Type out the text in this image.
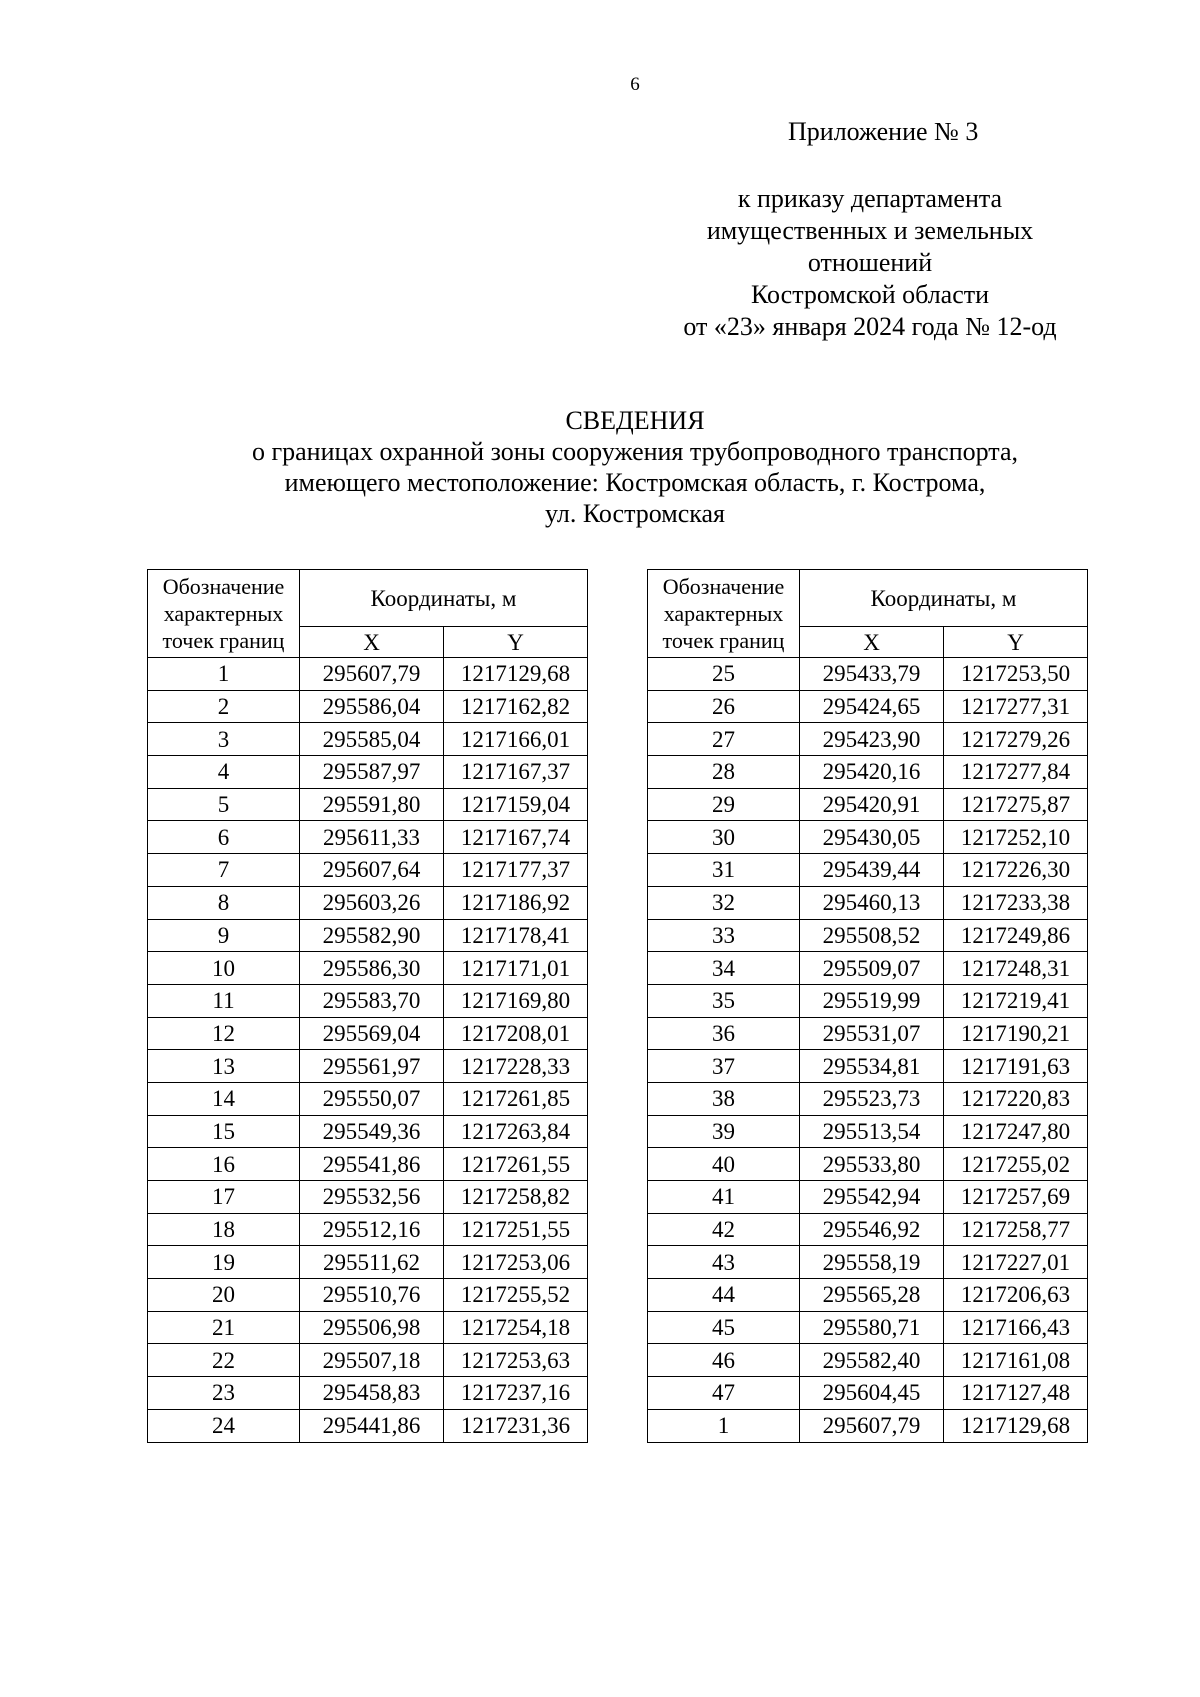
6
Приложение № 3
к приказу департамента
имущественных и земельных
отношений
Костромской области
от «23» января 2024 года № 12-од
СВЕДЕНИЯ
о границах охранной зоны сооружения трубопроводного транспорта,
имеющего местоположение: Костромская область, г. Кострома,
ул. Костромская
Обозначение
характерных
точек границ	Координаты, м	
	X	Y
1	295607,79	1217129,68
2	295586,04	1217162,82
3	295585,04	1217166,01
4	295587,97	1217167,37
5	295591,80	1217159,04
6	295611,33	1217167,74
7	295607,64	1217177,37
8	295603,26	1217186,92
9	295582,90	1217178,41
10	295586,30	1217171,01
11	295583,70	1217169,80
12	295569,04	1217208,01
13	295561,97	1217228,33
14	295550,07	1217261,85
15	295549,36	1217263,84
16	295541,86	1217261,55
17	295532,56	1217258,82
18	295512,16	1217251,55
19	295511,62	1217253,06
20	295510,76	1217255,52
21	295506,98	1217254,18
22	295507,18	1217253,63
23	295458,83	1217237,16
24	295441,86	1217231,36
Обозначение
характерных
точек границ	Координаты, м	
	X	Y
25	295433,79	1217253,50
26	295424,65	1217277,31
27	295423,90	1217279,26
28	295420,16	1217277,84
29	295420,91	1217275,87
30	295430,05	1217252,10
31	295439,44	1217226,30
32	295460,13	1217233,38
33	295508,52	1217249,86
34	295509,07	1217248,31
35	295519,99	1217219,41
36	295531,07	1217190,21
37	295534,81	1217191,63
38	295523,73	1217220,83
39	295513,54	1217247,80
40	295533,80	1217255,02
41	295542,94	1217257,69
42	295546,92	1217258,77
43	295558,19	1217227,01
44	295565,28	1217206,63
45	295580,71	1217166,43
46	295582,40	1217161,08
47	295604,45	1217127,48
1	295607,79	1217129,68
